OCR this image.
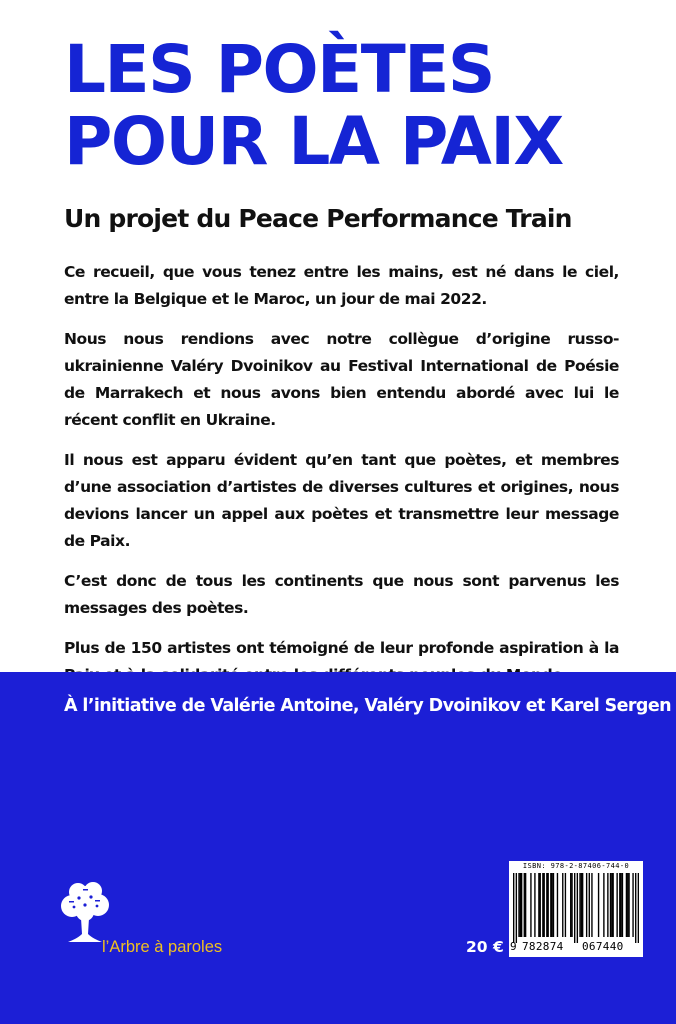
LES POÈTES
POUR LA PAIX
Un projet du Peace Performance Train

Ce recueil, que vous tenez entre les mains, est né dans le ciel, entre la Belgique et le Maroc, un jour de mai 2022.

Nous nous rendions avec notre collègue d’origine russo-ukrainienne Valéry Dvoinikov au Festival International de Poésie de Marrakech et nous avons bien entendu abordé avec lui le récent conflit en Ukraine.

Il nous est apparu évident qu’en tant que poètes, et membres d’une association d’artistes de diverses cultures et origines, nous devions lancer un appel aux poètes et transmettre leur message de Paix.

C’est donc de tous les continents que nous sont parvenus les messages des poètes.

Plus de 150 artistes ont témoigné de leur profonde aspiration à la

À l’initiative de Valérie Antoine, Valéry Dvoinikov et Karel Sergen

l’Arbre à paroles	20 €
ISBN: 978-2-87406-744-0
9 782874 067440
